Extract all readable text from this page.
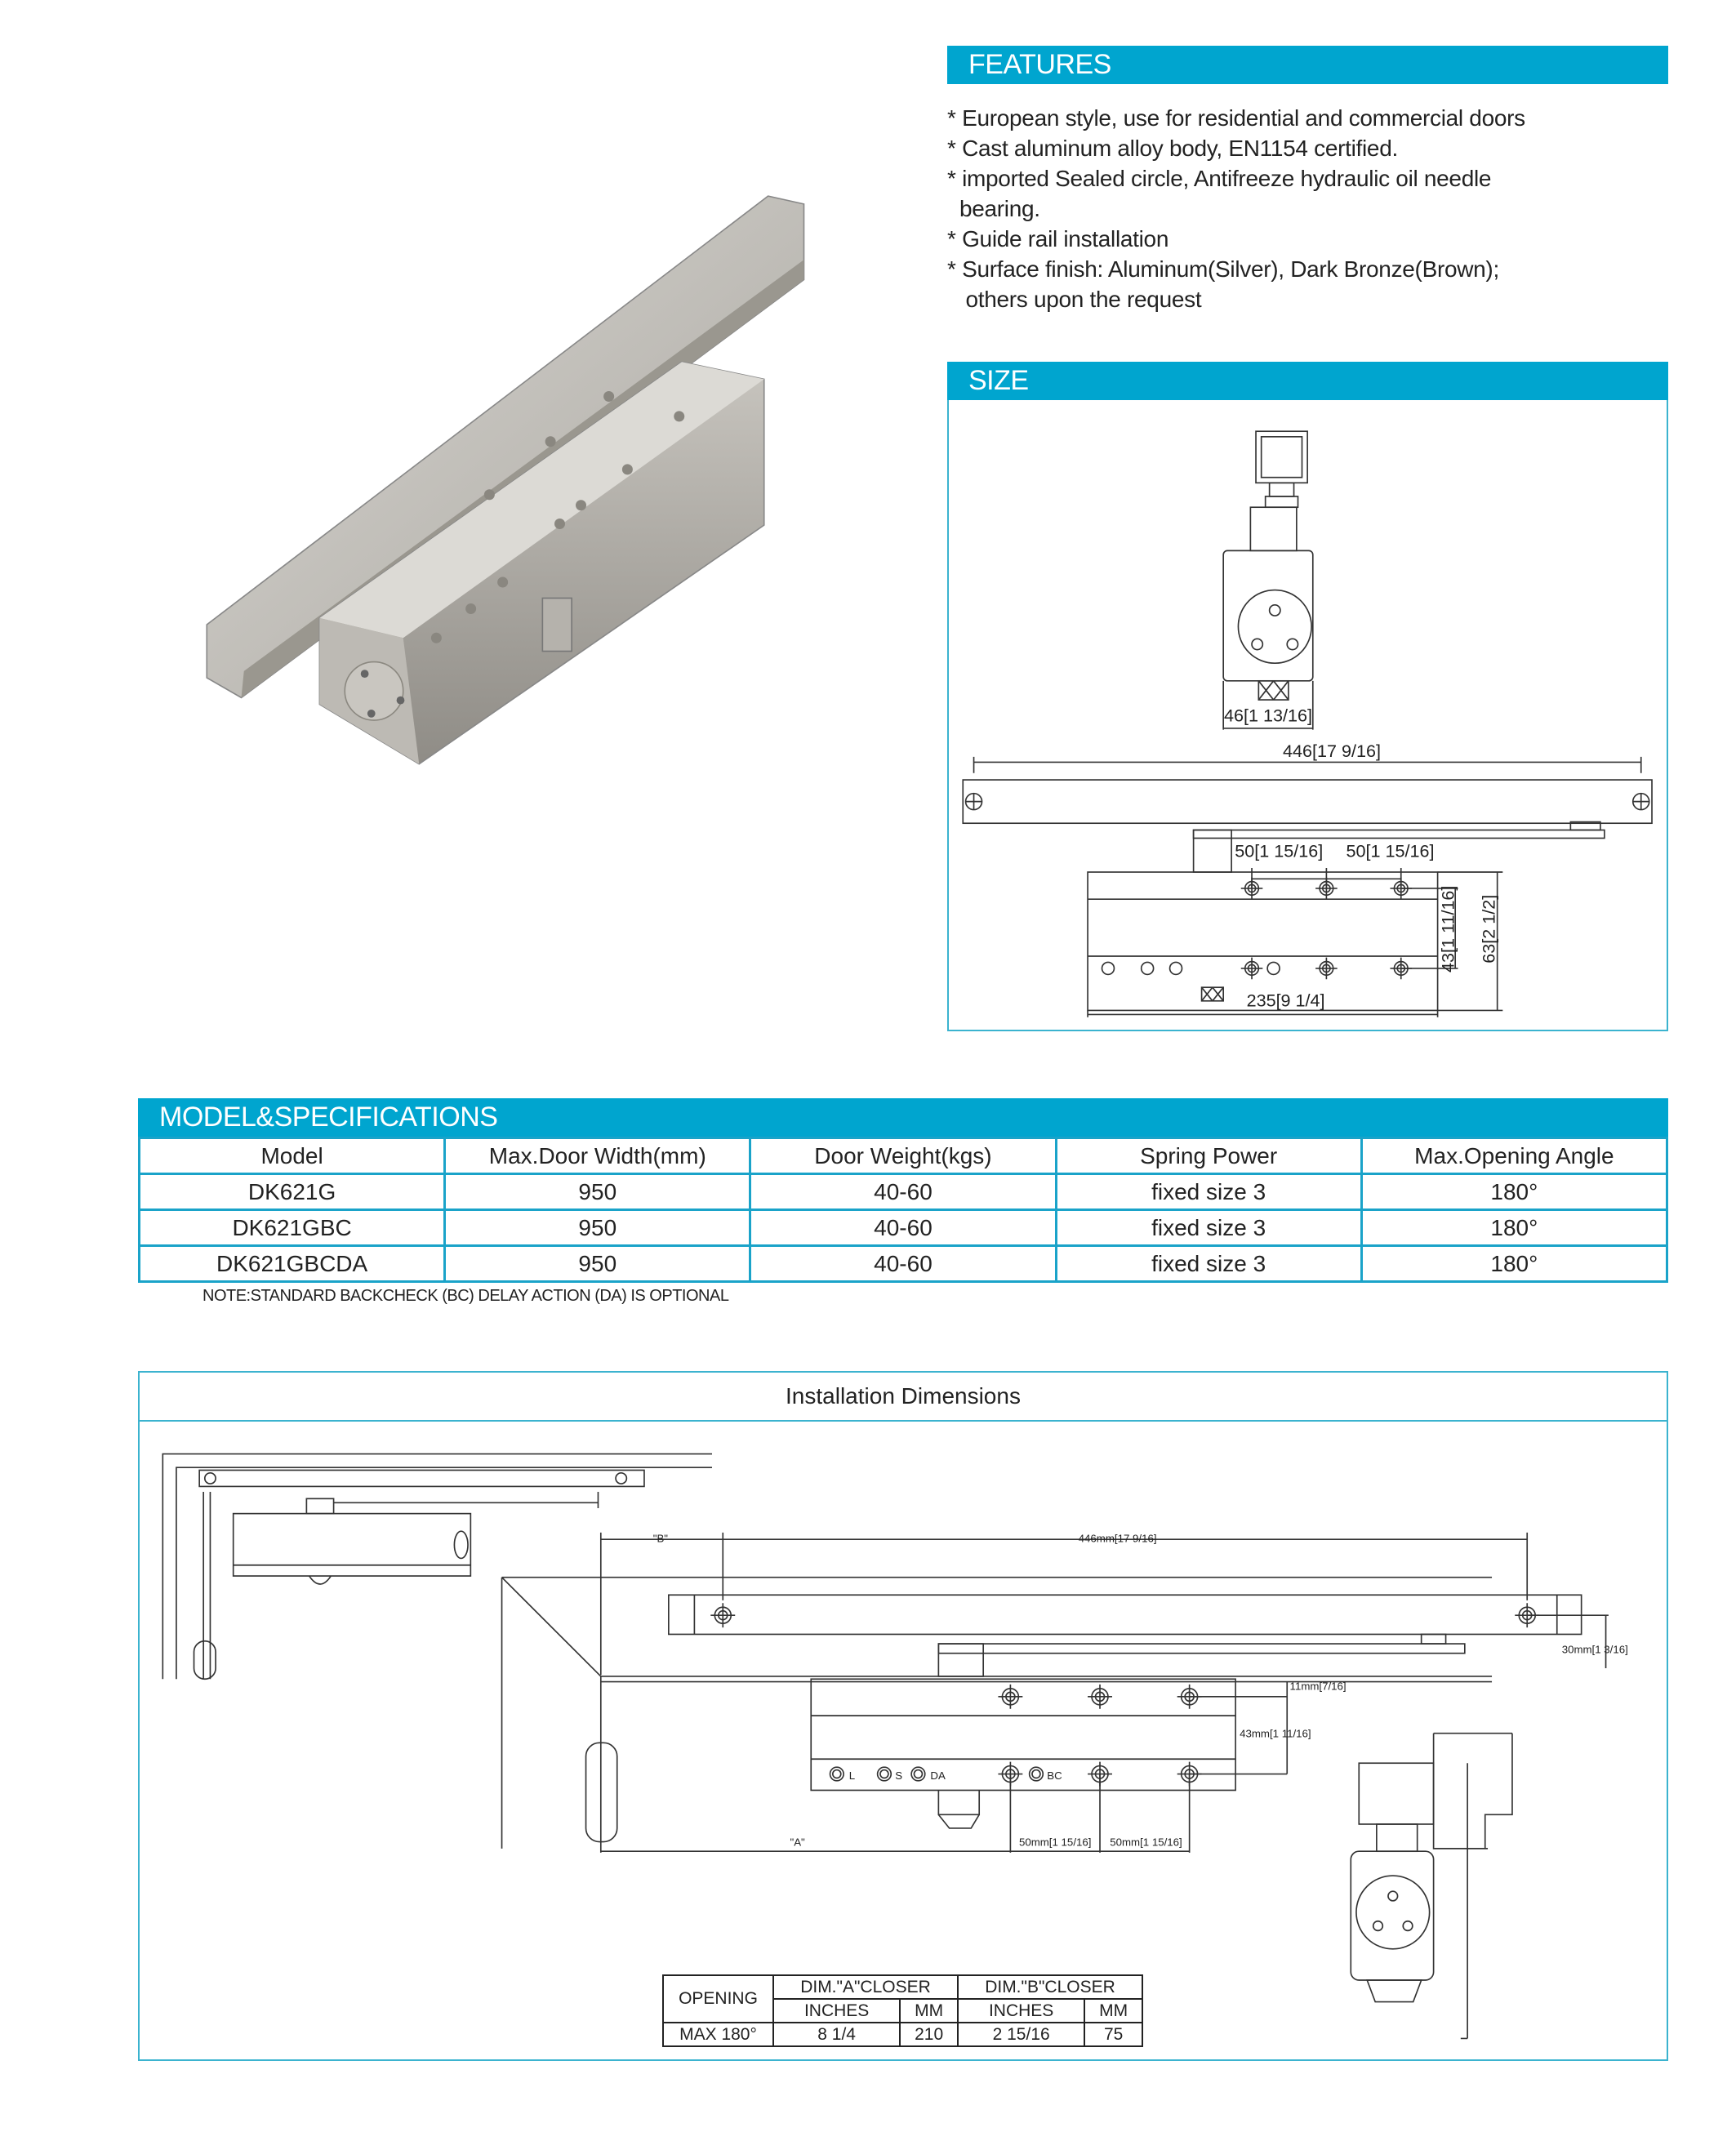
FEATURES
* European style, use for residential and commercial doors
* Cast aluminum alloy body, EN1154 certified.
* imported Sealed circle, Antifreeze hydraulic oil needle
bearing.
* Guide rail installation
* Surface finish: Aluminum(Silver), Dark Bronze(Brown);
others upon the request
SIZE
46[1 13/16]
446[17 9/16]
50[1 15/16] 50[1 15/16]
43[1 11/16] 63[2 1/2]
235[9 1/4]
"B"	446mm[17 9/16]
30mm[1 3/16]
L	S	DA	BC
11mm[7/16]
43mm[1 11/16]
"A"	50mm[1 15/16]	50mm[1 15/16]
MODEL&SPECIFICATIONS
Model	Max.Door Width(mm)	Door Weight(kgs)	Spring Power	Max.Opening Angle
DK621G	950	40-60	fixed size 3	180°
DK621GBC	950	40-60	fixed size 3	180°
DK621GBCDA	950	40-60	fixed size 3	180°
NOTE:STANDARD BACKCHECK (BC) DELAY ACTION (DA) IS OPTIONAL
Installation Dimensions
OPENING	DIM."A"CLOSER		DIM."B"CLOSER	
	INCHES	MM	INCHES	MM
MAX 180°	8 1/4	210	2 15/16	75
